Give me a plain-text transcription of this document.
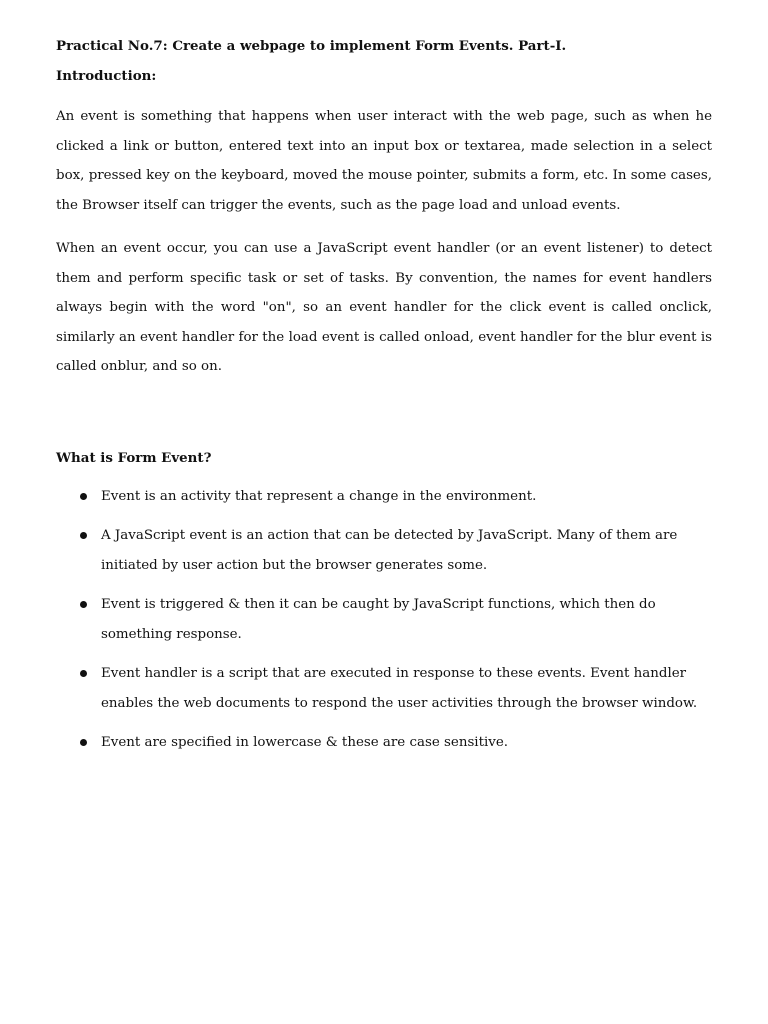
Practical No.7: Create a webpage to implement Form Events. Part-I.
Introduction:

An event is something that happens when user interact with the web page, such as when he clicked a link or button, entered text into an input box or textarea, made selection in a select box, pressed key on the keyboard, moved the mouse pointer, submits a form, etc. In some cases, the Browser itself can trigger the events, such as the page load and unload events.

When an event occur, you can use a JavaScript event handler (or an event listener) to detect them and perform specific task or set of tasks. By convention, the names for event handlers always begin with the word "on", so an event handler for the click event is called onclick, similarly an event handler for the load event is called onload, event handler for the blur event is called onblur, and so on.

What is Form Event?
Event is an activity that represent a change in the environment.
A JavaScript event is an action that can be detected by JavaScript. Many of them are initiated by user action but the browser generates some.
Event is triggered & then it can be caught by JavaScript functions, which then do something response.
Event handler is a script that are executed in response to these events. Event handler enables the web documents to respond the user activities through the browser window.
Event are specified in lowercase & these are case sensitive.
